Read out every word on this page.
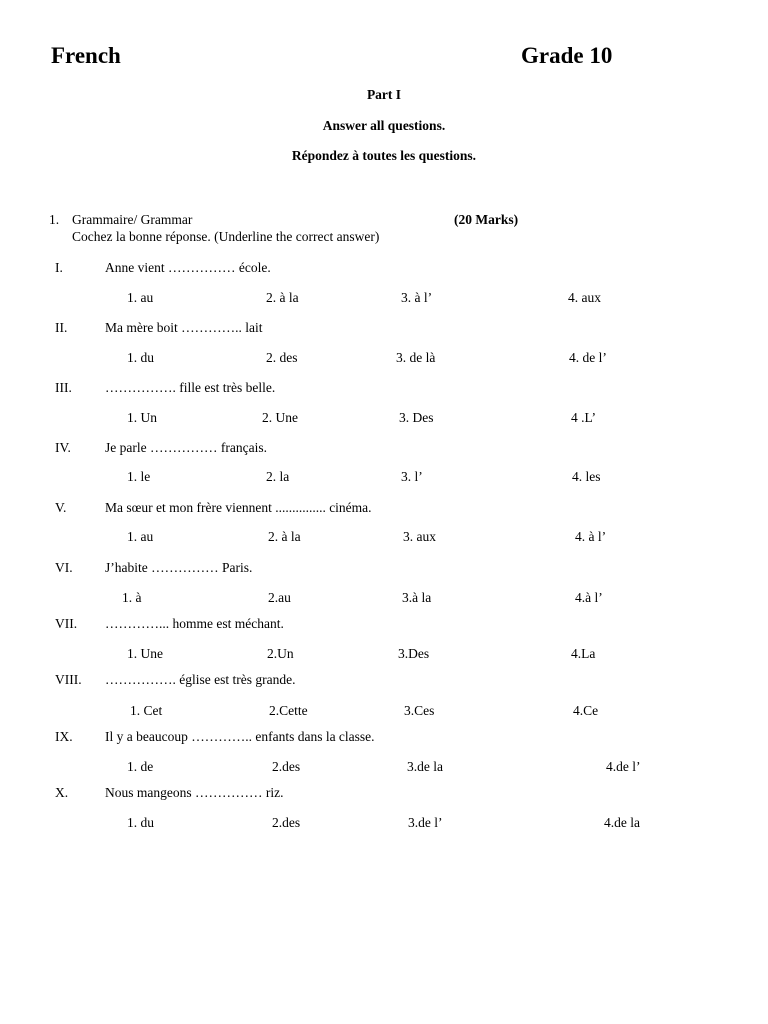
French	Grade 10
Part I
Answer all questions.
Répondez à toutes les questions.
1. Grammaire/ Grammar	(20 Marks)
Cochez la bonne réponse. (Underline the correct answer)
I.	Anne vient …………… école.
1. au	2. à la	3. à l’	4. aux
II.	Ma mère boit ………….. lait
1. du	2. des	3. de là	4. de l’
III. ……………. fille est très belle.
1. Un	2. Une	3. Des	4 .L’
IV.	Je parle …………… français.
1. le	2. la	3. l’	4. les
V.	Ma sœur et mon frère viennent ............... cinéma.
1. au	2. à la	3. aux	4. à l’
VI. J’habite …………… Paris.
1. à	2.au	3.à la	4.à l’
VII. …………... homme est méchant.
1. Une	2.Un	3.Des	4.La
VIII. ……………. église est très grande.
1. Cet	2.Cette	3.Ces	4.Ce
IX. Il y a beaucoup ………….. enfants dans la classe.
1. de	2.des	3.de la	4.de l’
X.	Nous mangeons …………… riz.
1. du	2.des	3.de l’	4.de la
